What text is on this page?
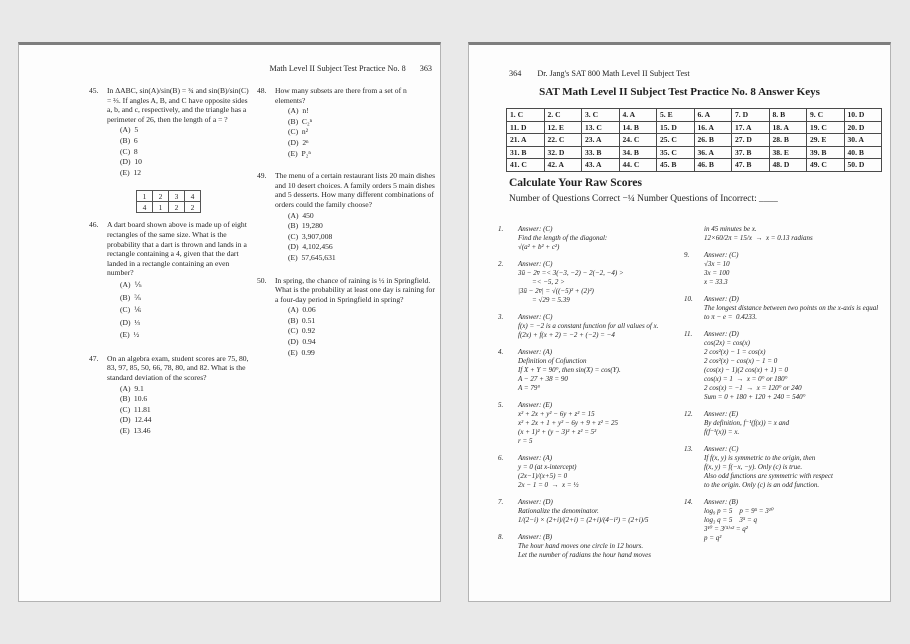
Math Level II Subject Test Practice No. 8 363
45.	In ΔABC, sin(A)/sin(B) = ¾ and sin(B)/sin(C) = ⅔. If angles A, B, and C have opposite sides a, b, and c, respectively, and the triangle has a perimeter of 26, then the length of a = ?
(A)  5
(B)  6
(C)  8
(D)  10
(E)  12
1	2	3	4
4	1	2	2
46.	A dart board shown above is made up of eight rectangles of the same size. What is the probability that a dart is thrown and lands in a rectangle containing a 4, given that the dart landed in a rectangle containing an even number?
(A)  ⅕
(B)  ⅖
(C)  ⅙
(D)  ⅓
(E)  ½
47.	On an algebra exam, student scores are 75, 80, 83, 97, 85, 50, 66, 78, 80, and 82. What is the standard deviation of the scores?
(A)  9.1
(B)  10.6
(C)  11.81
(D)  12.44
(E)  13.46
48.	How many subsets are there from a set of n elements?
(A)  n!
(B)  C₂ⁿ
(C)  n²
(D)  2ⁿ
(E)  P₂ⁿ
49.	The menu of a certain restaurant lists 20 main dishes and 10 desert choices. A family orders 5 main dishes and 5 desserts. How many different combinations of orders could the family choose?
(A)  450
(B)  19,280
(C)  3,907,008
(D)  4,102,456
(E)  57,645,631
50.	In spring, the chance of raining is ½ in Springfield. What is the probability at least one day is raining for a four-day period in Springfield in spring?
(A)  0.06
(B)  0.51
(C)  0.92
(D)  0.94
(E)  0.99
364 Dr. Jang's SAT 800 Math Level II Subject Test
SAT Math Level II Subject Test Practice No. 8 Answer Keys
1. C	2. C	3. C	4. A	5. E	6. A	7. D	8. B	9. C	10. D
11. D	12. E	13. C	14. B	15. D	16. A	17. A	18. A	19. C	20. D
21. A	22. C	23. A	24. C	25. C	26. B	27. D	28. B	29. E	30. A
31. B	32. D	33. B	34. B	35. C	36. A	37. B	38. E	39. B	40. B
41. C	42. A	43. A	44. C	45. B	46. B	47. B	48. D	49. C	50. D
Calculate Your Raw Scores
Number of Questions Correct −¼ Number Questions of Incorrect: ____
1.	Answer: (C)
Find the length of the diagonal:
√(a² + b² + c²)
2.	Answer: (C)
3ū − 2v̄ =< 3(−3, −2) − 2(−2, −4) >
=< −5, 2 >
|3ū − 2v̄| = √((−5)² + (2)²)
= √29 = 5.39
3.	Answer: (C)
f(x) = −2 is a constant function for all values of x.
f(2x) + f(x + 2) = −2 + (−2) = −4
4.	Answer: (A)
Definition of Cofunction
If X + Y = 90°, then sin(X) = cos(Y).
A − 27 + 38 = 90
A = 79°
5.	Answer: (E)
x² + 2x + y² − 6y + z² = 15
x² + 2x + 1 + y² − 6y + 9 + z² = 25
(x + 1)² + (y − 3)² + z² = 5²
r = 5
6.	Answer: (A)
y = 0 (at x-intercept)
(2x−1)/(x+5) = 0
2x − 1 = 0  →  x = ½
7.	Answer: (D)
Rationalize the denominator.
1/(2−i) × (2+i)/(2+i) = (2+i)/(4−i²) = (2+i)/5
8.	Answer: (B)
The hour hand moves one circle in 12 hours.
Let the number of radians the hour hand moves
in 45 minutes be x.
12×60/2π = 15/x  →  x = 0.13 radians
9.	Answer: (C)
√3x = 10
3x = 100
x = 33.3
10.	Answer: (D)
The longest distance between two points on the x-axis is equal to π − e =  0.4233.
11.	Answer: (D)
cos(2x) = cos(x)
2 cos²(x) − 1 = cos(x)
2 cos²(x) − cos(x) − 1 = 0
(cos(x) − 1)(2 cos(x) + 1) = 0
cos(x) = 1  →  x = 0° or 180°
2 cos(x) = −1  →  x = 120° or 240
Sum = 0 + 180 + 120 + 240 = 540°
12.	Answer: (E)
By definition, f⁻¹(f(x)) = x and
f(f⁻¹(x)) = x.
13.	Answer: (C)
If f(x, y) is symmetric to the origin, then
f(x, y) = f(−x, −y). Only (c) is true.
Also odd functions are symmetric with respect
to the origin. Only (c) is an odd function.
14.	Answer: (B)
log₉ p = 5    p = 9⁵ = 3¹⁰
log₃ q = 5    3⁵ = q
3¹⁰ = 3⁽⁵⁾ˣ² = q²
p = q²
